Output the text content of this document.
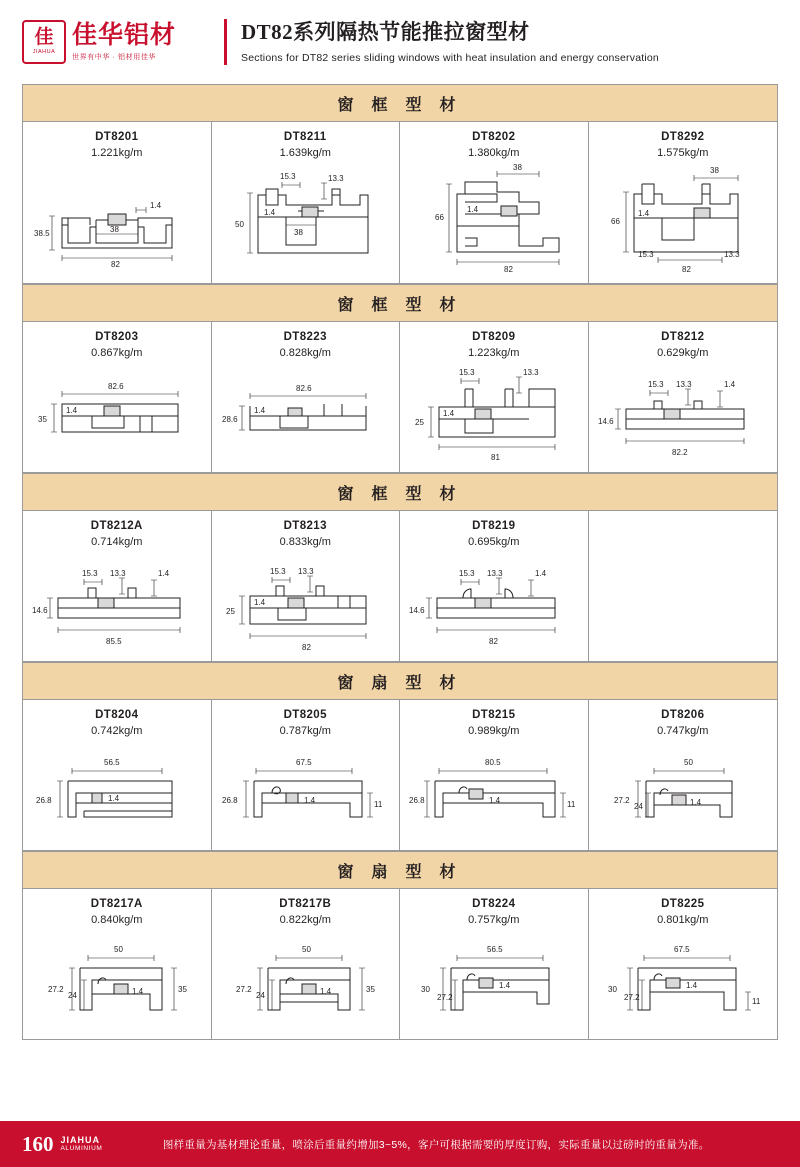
佳
JIAHUA
佳华铝材
世界有中华 · 铝材用佳华
DT82系列隔热节能推拉窗型材
Sections for DT82 series sliding windows with heat insulation and energy conservation
窗 框 型 材
DT8201
1.221kg/m
38.5	38
82
1.4
DT8211
1.639kg/m
15.3	13.3
1.4
50
38
DT8202
1.380kg/m
38
66
1.4
82
DT8292
1.575kg/m
38
66
1.4
15.3	13.3
82
窗 框 型 材
DT8203
0.867kg/m
82.6
35
1.4
DT8223
0.828kg/m
82.6
28.6
1.4
DT8209
1.223kg/m
15.3	13.3
25
1.4
81
DT8212
0.629kg/m
15.3 13.3	1.4
14.6
82.2
窗 框 型 材
DT8212A
0.714kg/m
15.3 13.3	1.4
14.6
85.5
DT8213
0.833kg/m
15.3 13.3
25
1.4
82
DT8219
0.695kg/m
15.3 13.3	1.4
14.6
82
窗 扇 型 材
DT8204
0.742kg/m
56.5
26.8	1.4
DT8205
0.787kg/m
67.5
26.8	1.4	11
DT8215
0.989kg/m
80.5
26.8	1.4	11
DT8206
0.747kg/m
50
27.2
24	1.4
窗 扇 型 材
DT8217A
0.840kg/m
50
27.2
24	1.4	35
DT8217B
0.822kg/m
50
27.2
24	1.4	35
DT8224
0.757kg/m
56.5
30
27.2
1.4
DT8225
0.801kg/m
67.5
30
27.2
1.4
11
160 JIAHUA
ALUMINIUM	图样重量为基材理论重量，喷涂后重量约增加3~5%，客户可根据需要的厚度订购，实际重量以过磅时的重量为准。
